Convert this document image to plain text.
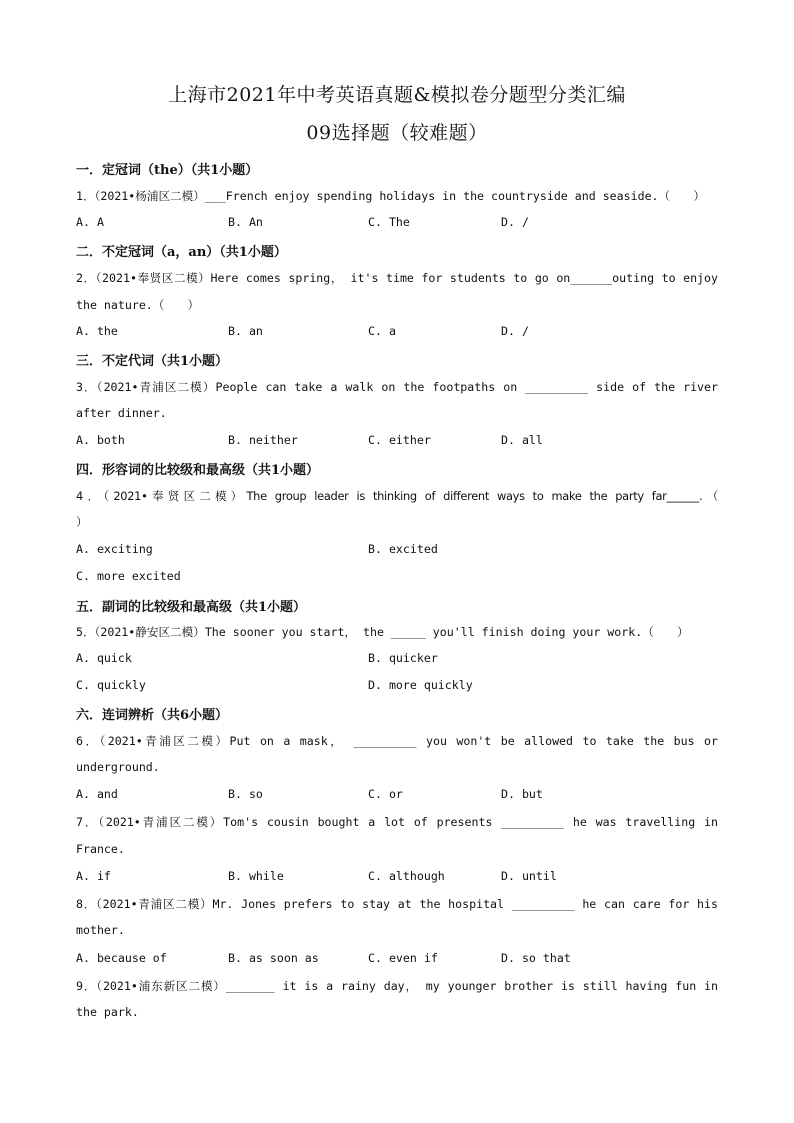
上海市2021年中考英语真题&模拟卷分题型分类汇编
09选择题（较难题）
一．定冠词（the）（共1小题）
1．（2021•杨浦区二模）___French enjoy spending holidays in the countryside and seaside.（　　）
A. A	B. An	C. The	D. /
二．不定冠词（a，an）（共1小题）
2．（2021•奉贤区二模）Here comes spring， it's time for students to go on______outing to enjoy
the nature.（　　）
A. the	B. an	C. a	D. /
三．不定代词（共1小题）
3．（2021•青浦区二模）People can take a walk on the footpaths on _________ side of the river
after dinner.
A. both	B. neither	C. either	D. all
四．形容词的比较级和最高级（共1小题）
4．（2021•奉贤区二模）The group leader is thinking of different ways to make the party far______.（
）
A. exciting	B. excited
C. more excited
五．副词的比较级和最高级（共1小题）
5．（2021•静安区二模）The sooner you start， the _____ you'll finish doing your work.（　　）
A. quick	B. quicker
C. quickly	D. more quickly
六．连词辨析（共6小题）
6．（2021•青浦区二模）Put on a mask， _________ you won't be allowed to take the bus or
underground.
A. and	B. so	C. or	D. but
7．（2021•青浦区二模）Tom's cousin bought a lot of presents _________ he was travelling in
France.
A. if	B. while	C. although	D. until
8．（2021•青浦区二模）Mr. Jones prefers to stay at the hospital _________ he can care for his
mother.
A. because of	B. as soon as	C. even if	D. so that
9．（2021•浦东新区二模）_______ it is a rainy day， my younger brother is still having fun in
the park.
